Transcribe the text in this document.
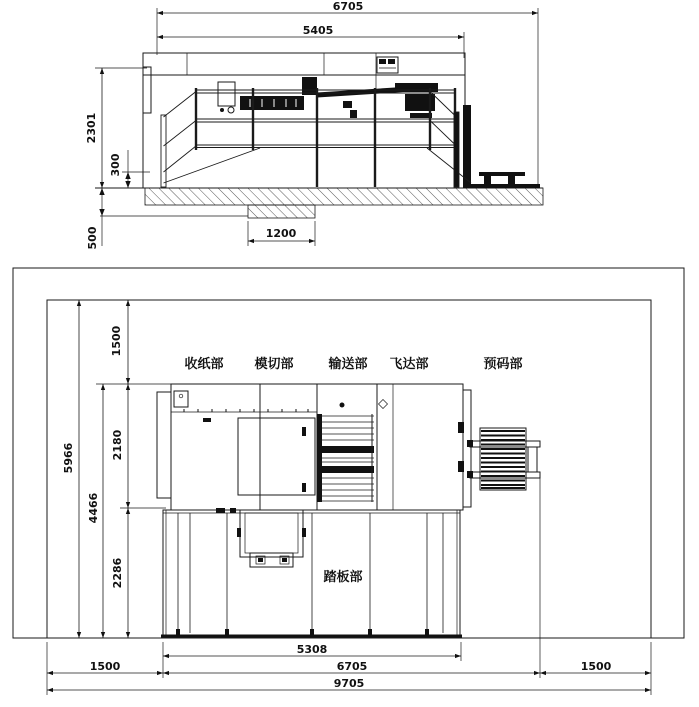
6705
5405
2301
300
500	1200
收纸部 模切部	输送部 飞达部	预码部
踏板部
5966
4466
1500
2180
2286
5308
1500	6705	1500
9705
